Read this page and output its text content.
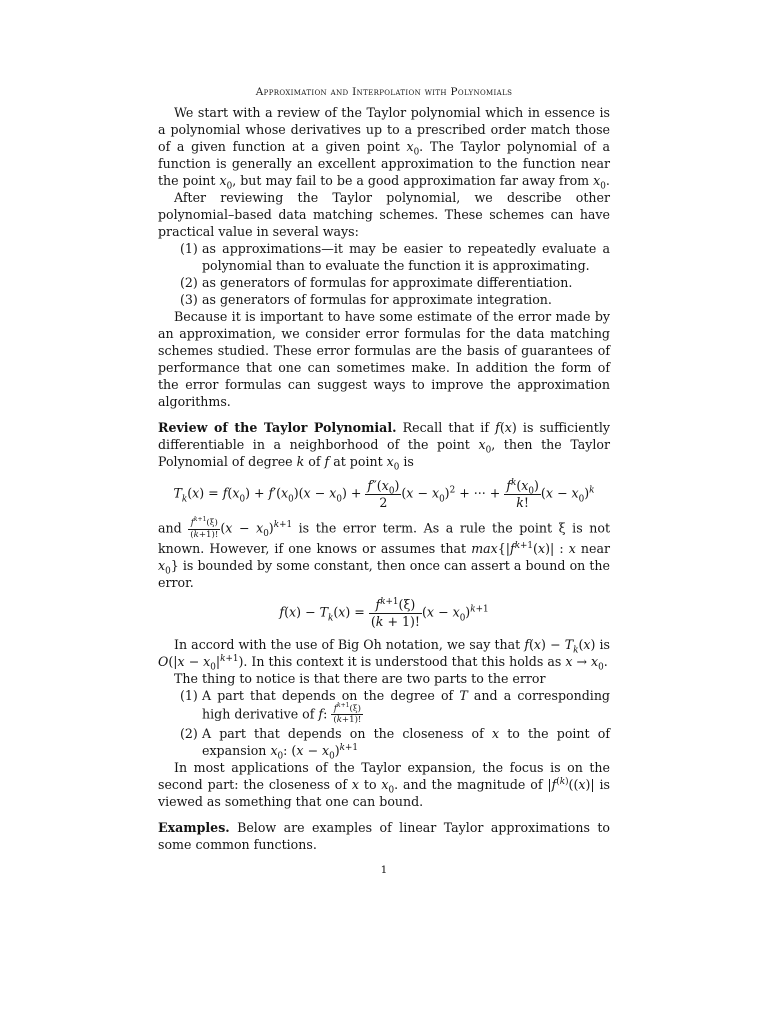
Approximation and Interpolation with Polynomials

We start with a review of the Taylor polynomial which in essence is a polynomial whose derivatives up to a prescribed order match those of a given function at a given point $x_0$. The Taylor polynomial of a function is generally an excellent approximation to the function near the point $x_0$, but may fail to be a good approximation far away from $x_0$.

After reviewing the Taylor polynomial, we describe other polynomial–based data matching schemes. These schemes can have practical value in several ways:

(1) as approximations—it may be easier to repeatedly evaluate a polynomial than to evaluate the function it is approximating.
(2) as generators of formulas for approximate differentiation.
(3) as generators of formulas for approximate integration.

Because it is important to have some estimate of the error made by an approximation, we consider error formulas for the data matching schemes studied. These error formulas are the basis of guarantees of performance that one can sometimes make. In addition the form of the error formulas can suggest ways to improve the approximation algorithms.

Review of the Taylor Polynomial. Recall that if f(x) is sufficiently differentiable in a neighborhood of the point $x_0$, then the Taylor Polynomial of degree k of f at point $x_0$ is

$T_k(x) = f(x_0) + f'(x_0)(x - x_0) + \frac{f''(x_0)}{2} (x - x_0)^2$ + ··· + $\frac{f^k(x_0)}{k!} (x - x_0)^k$

and $\frac{f^{k+1}(\xi)}{(k+1)!} (x - x_0)^{k+1}$ is the error term. As a rule the point ξ is not known. However, if one knows or assumes that $\max\{|f^{k+1}(x)|$ : x near $x_0$} is bounded by some constant, then once can assert a bound on the error.

$f(x) - T_k(x) = \frac{f^{k+1}(\xi)}{(k + 1)!} (x - x_0)^{k+1}$

In accord with the use of Big Oh notation, we say that $f(x) - T_k(x)$ is $O(|x - x_0|^{k+1})$. In this context it is understood that this holds as $x \to x_0$.

The thing to notice is that there are two parts to the error

(1) A part that depends on the degree of T and a corresponding high derivative of f: $\frac{f^{k+1}(\xi)}{(k+1)!}$
(2) A part that depends on the closeness of x to the point of expansion $x_0$: $(x - x_0)^{k+1}$

In most applications of the Taylor expansion, the focus is on the second part: the closeness of x to $x_0$. and the magnitude of $|f^{(k)}((x)|$ is viewed as something that one can bound.

Examples. Below are examples of linear Taylor approximations to some common functions.

1
